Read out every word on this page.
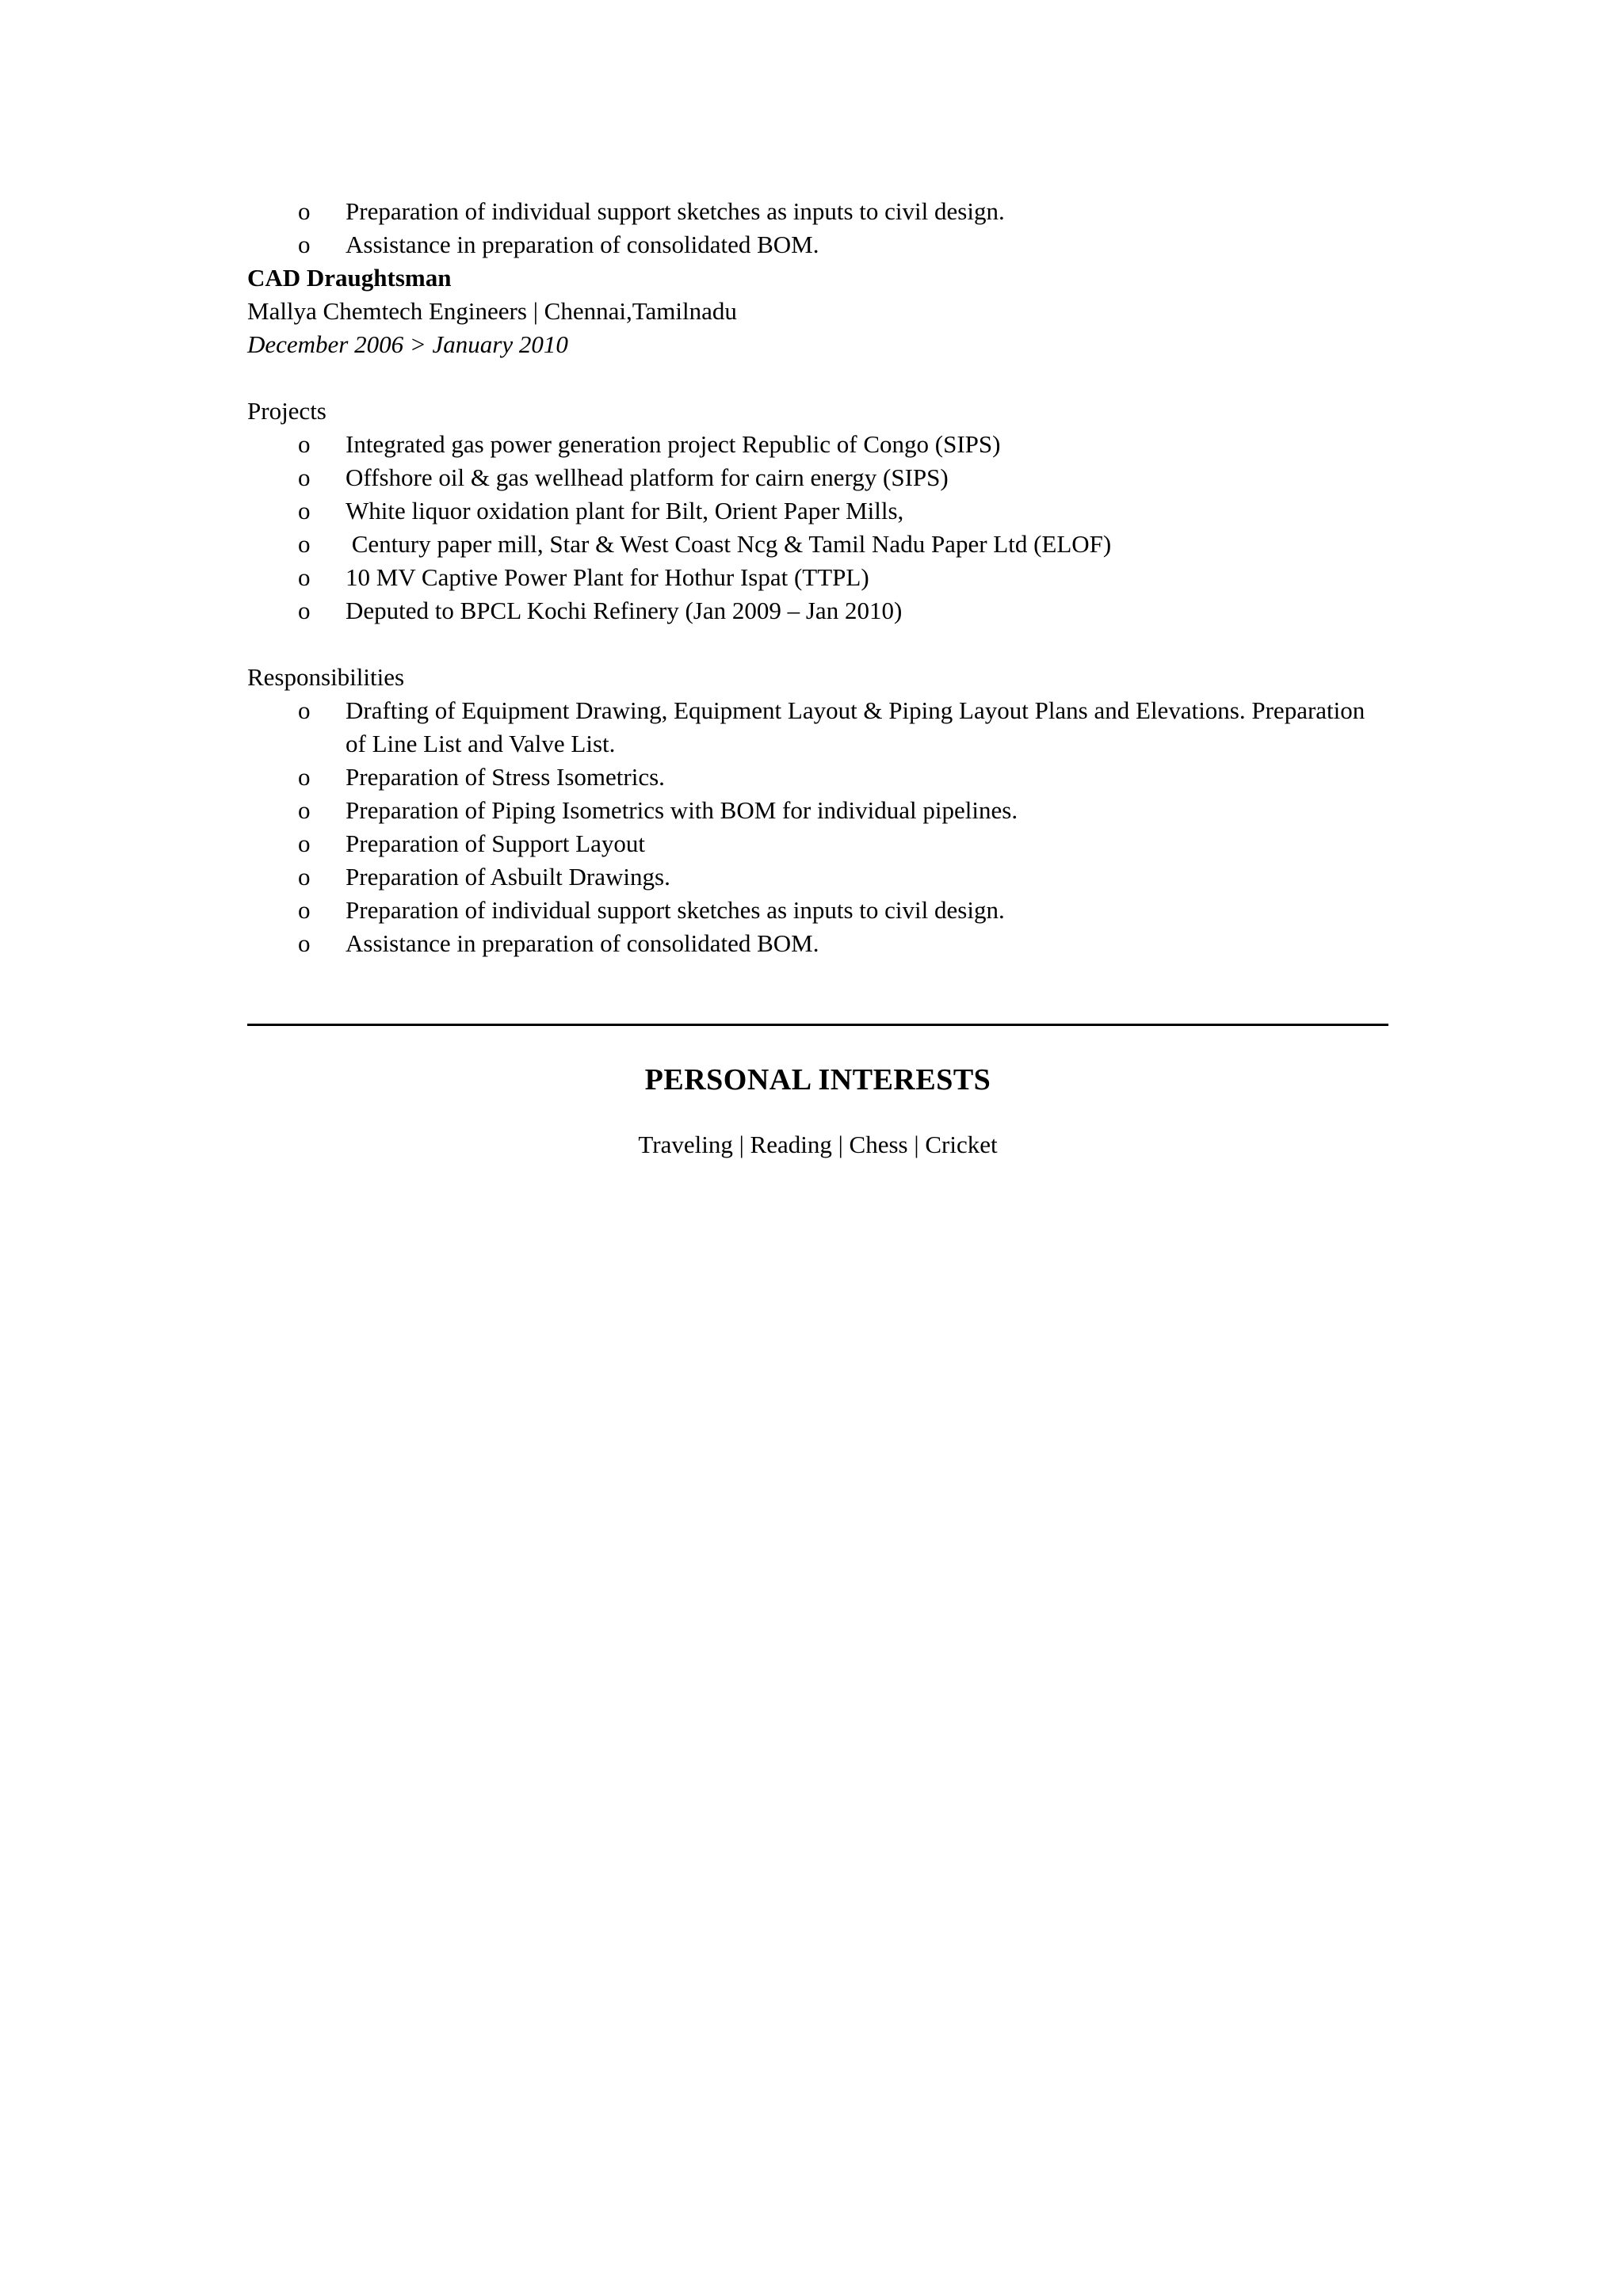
o	Preparation of individual support sketches as inputs to civil design.
o	Assistance in preparation of consolidated BOM.
CAD Draughtsman
Mallya Chemtech Engineers | Chennai,Tamilnadu
December 2006 > January 2010
Projects
o	Integrated gas power generation project Republic of Congo (SIPS)
o	Offshore oil & gas wellhead platform for cairn energy (SIPS)
o	White liquor oxidation plant for Bilt, Orient Paper Mills,
o	Century paper mill, Star & West Coast Ncg & Tamil Nadu Paper Ltd (ELOF)
o	10 MV Captive Power Plant for Hothur Ispat (TTPL)
o	Deputed to BPCL Kochi Refinery (Jan 2009 – Jan 2010)
Responsibilities
o	Drafting of Equipment Drawing, Equipment Layout & Piping Layout Plans and Elevations. Preparation of Line List and Valve List.
o	Preparation of Stress Isometrics.
o	Preparation of Piping Isometrics with BOM for individual pipelines.
o	Preparation of Support Layout
o	Preparation of Asbuilt Drawings.
o	Preparation of individual support sketches as inputs to civil design.
o	Assistance in preparation of consolidated BOM.
PERSONAL INTERESTS
Traveling | Reading | Chess | Cricket
